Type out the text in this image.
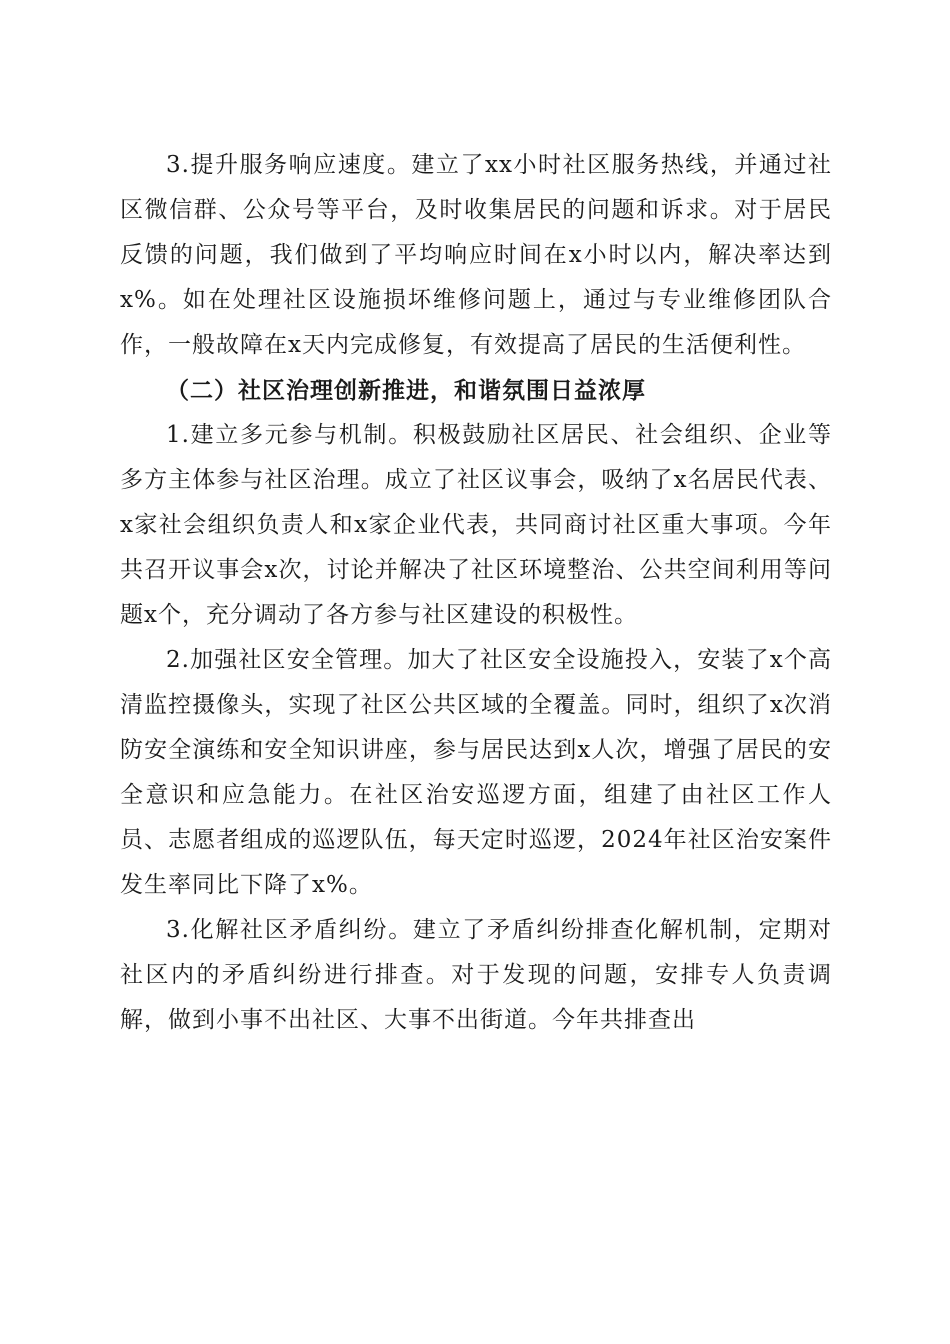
3.提升服务响应速度。建立了xx小时社区服务热线，并通过社区微信群、公众号等平台，及时收集居民的问题和诉求。对于居民反馈的问题，我们做到了平均响应时间在x小时以内，解决率达到x%。如在处理社区设施损坏维修问题上，通过与专业维修团队合作，一般故障在x天内完成修复，有效提高了居民的生活便利性。

（二）社区治理创新推进，和谐氛围日益浓厚

1.建立多元参与机制。积极鼓励社区居民、社会组织、企业等多方主体参与社区治理。成立了社区议事会，吸纳了x名居民代表、x家社会组织负责人和x家企业代表，共同商讨社区重大事项。今年共召开议事会x次，讨论并解决了社区环境整治、公共空间利用等问题x个，充分调动了各方参与社区建设的积极性。

2.加强社区安全管理。加大了社区安全设施投入，安装了x个高清监控摄像头，实现了社区公共区域的全覆盖。同时，组织了x次消防安全演练和安全知识讲座，参与居民达到x人次，增强了居民的安全意识和应急能力。在社区治安巡逻方面，组建了由社区工作人员、志愿者组成的巡逻队伍，每天定时巡逻，2024年社区治安案件发生率同比下降了x%。

3.化解社区矛盾纠纷。建立了矛盾纠纷排查化解机制，定期对社区内的矛盾纠纷进行排查。对于发现的问题，安排专人负责调解，做到小事不出社区、大事不出街道。今年共排查出
